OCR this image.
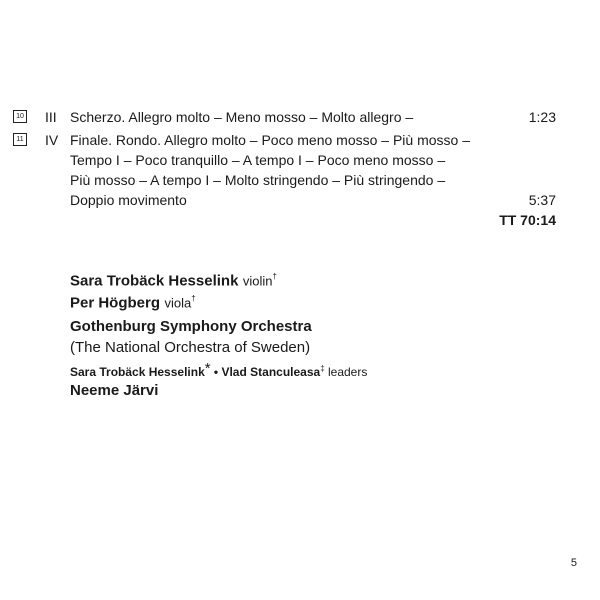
10 III Scherzo. Allegro molto – Meno mosso – Molto allegro –	1:23
11 IV Finale. Rondo. Allegro molto – Poco meno mosso – Più mosso –
Tempo I – Poco tranquillo – A tempo I – Poco meno mosso –
Più mosso – A tempo I – Molto stringendo – Più stringendo –
Doppio movimento	5:37
TT 70:14
Sara Trobäck Hesselink violin†
Per Högberg viola†
Gothenburg Symphony Orchestra
(The National Orchestra of Sweden)
Sara Trobäck Hesselink* • Vlad Stanculeasa‡ leaders
Neeme Järvi
5
